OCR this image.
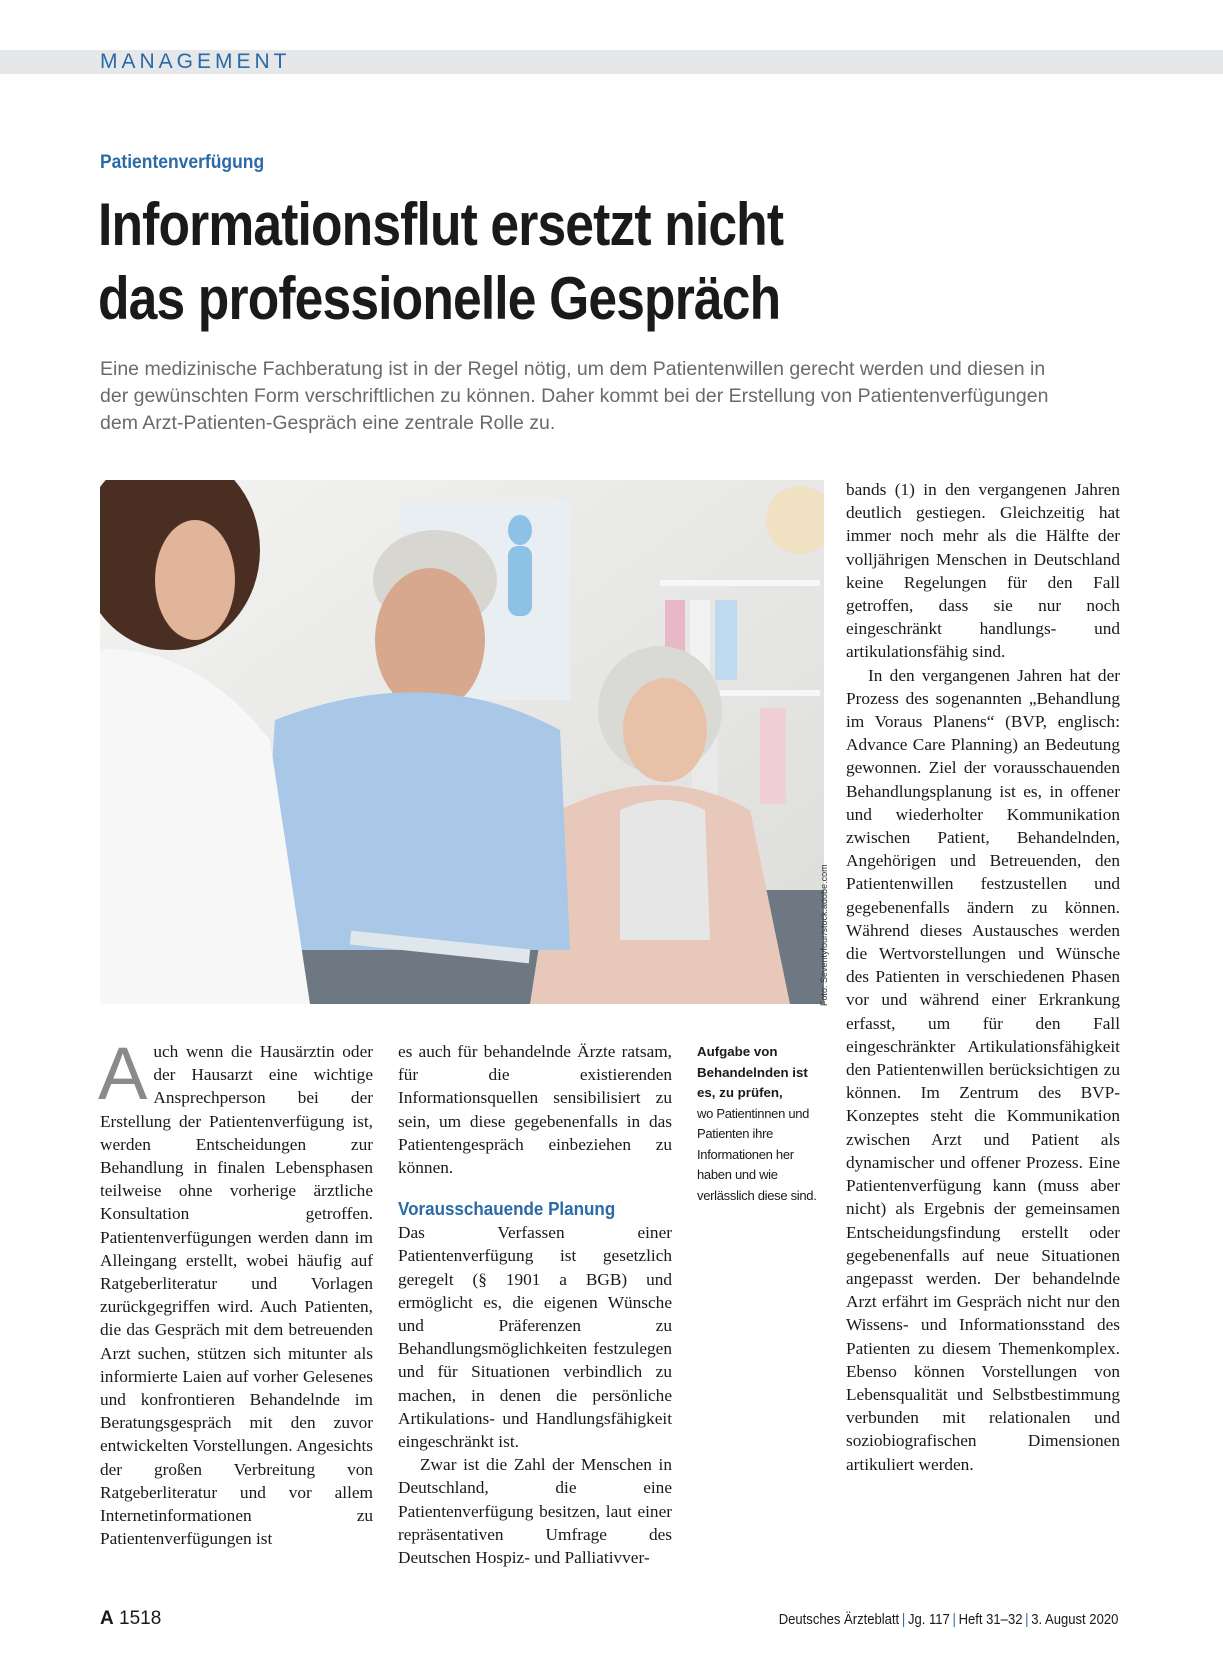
MANAGEMENT
Patientenverfügung
Informationsflut ersetzt nicht
das professionelle Gespräch

Eine medizinische Fachberatung ist in der Regel nötig, um dem Patientenwillen gerecht werden und diesen in der gewünschten Form verschriftlichen zu können. Daher kommt bei der Erstellung von Patientenverfügungen dem Arzt-Patienten-Gespräch eine zentrale Rolle zu.

Foto: Seventyfour/stock.adobe.com
A uch wenn die Hausärztin oder der Hausarzt eine wichtige Ansprechperson bei der Erstellung der Patientenverfügung ist, werden Entscheidungen zur Behandlung in finalen Lebensphasen teilweise ohne vorherige ärztliche Konsultation getroffen. Patientenverfügungen werden dann im Alleingang erstellt, wobei häufig auf Ratgeberliteratur und Vorlagen zurückgegriffen wird. Auch Patienten, die das Gespräch mit dem betreuenden Arzt suchen, stützen sich mitunter als informierte Laien auf vorher Gelesenes und konfrontieren Behandelnde im Beratungsgespräch mit den zuvor entwickelten Vorstellungen. Angesichts der großen Verbreitung von Ratgeberliteratur und vor allem Internetinformationen zu Patientenverfügungen ist

es auch für behandelnde Ärzte ratsam, für die existierenden Informationsquellen sensibilisiert zu sein, um diese gegebenenfalls in das Patientengespräch einbeziehen zu können.

Vorausschauende Planung

Das Verfassen einer Patientenverfügung ist gesetzlich geregelt (§ 1901 a BGB) und ermöglicht es, die eigenen Wünsche und Präferenzen zu Behandlungsmöglichkeiten festzulegen und für Situationen verbindlich zu machen, in denen die persönliche Artikulations- und Handlungsfähigkeit eingeschränkt ist.

Zwar ist die Zahl der Menschen in Deutschland, die eine Patientenverfügung besitzen, laut einer repräsentativen Umfrage des Deutschen Hospiz- und Palliativver-

Aufgabe von Behandelnden ist es, zu prüfen,
wo Patientinnen und Patienten ihre Informationen her haben und wie verlässlich diese sind.

bands (1) in den vergangenen Jahren deutlich gestiegen. Gleichzeitig hat immer noch mehr als die Hälfte der volljährigen Menschen in Deutschland keine Regelungen für den Fall getroffen, dass sie nur noch eingeschränkt handlungs- und artikulationsfähig sind.

In den vergangenen Jahren hat der Prozess des sogenannten „Behandlung im Voraus Planens“ (BVP, englisch: Advance Care Planning) an Bedeutung gewonnen. Ziel der vorausschauenden Behandlungsplanung ist es, in offener und wiederholter Kommunikation zwischen Patient, Behandelnden, Angehörigen und Betreuenden, den Patientenwillen festzustellen und gegebenenfalls ändern zu können. Während dieses Austausches werden die Wertvorstellungen und Wünsche des Patienten in verschiedenen Phasen vor und während einer Erkrankung erfasst, um für den Fall eingeschränkter Artikulationsfähigkeit den Patientenwillen berücksichtigen zu können. Im Zentrum des BVP-Konzeptes steht die Kommunikation zwischen Arzt und Patient als dynamischer und offener Prozess. Eine Patientenverfügung kann (muss aber nicht) als Ergebnis der gemeinsamen Entscheidungsfindung erstellt oder gegebenenfalls auf neue Situationen angepasst werden. Der behandelnde Arzt erfährt im Gespräch nicht nur den Wissens- und Informationsstand des Patienten zu diesem Themenkomplex. Ebenso können Vorstellungen von Lebensqualität und Selbstbestimmung verbunden mit relationalen und soziobiografischen Dimensionen artikuliert werden.

A 1518	Deutsches Ärzteblatt | Jg. 117 | Heft 31–32 | 3. August 2020
